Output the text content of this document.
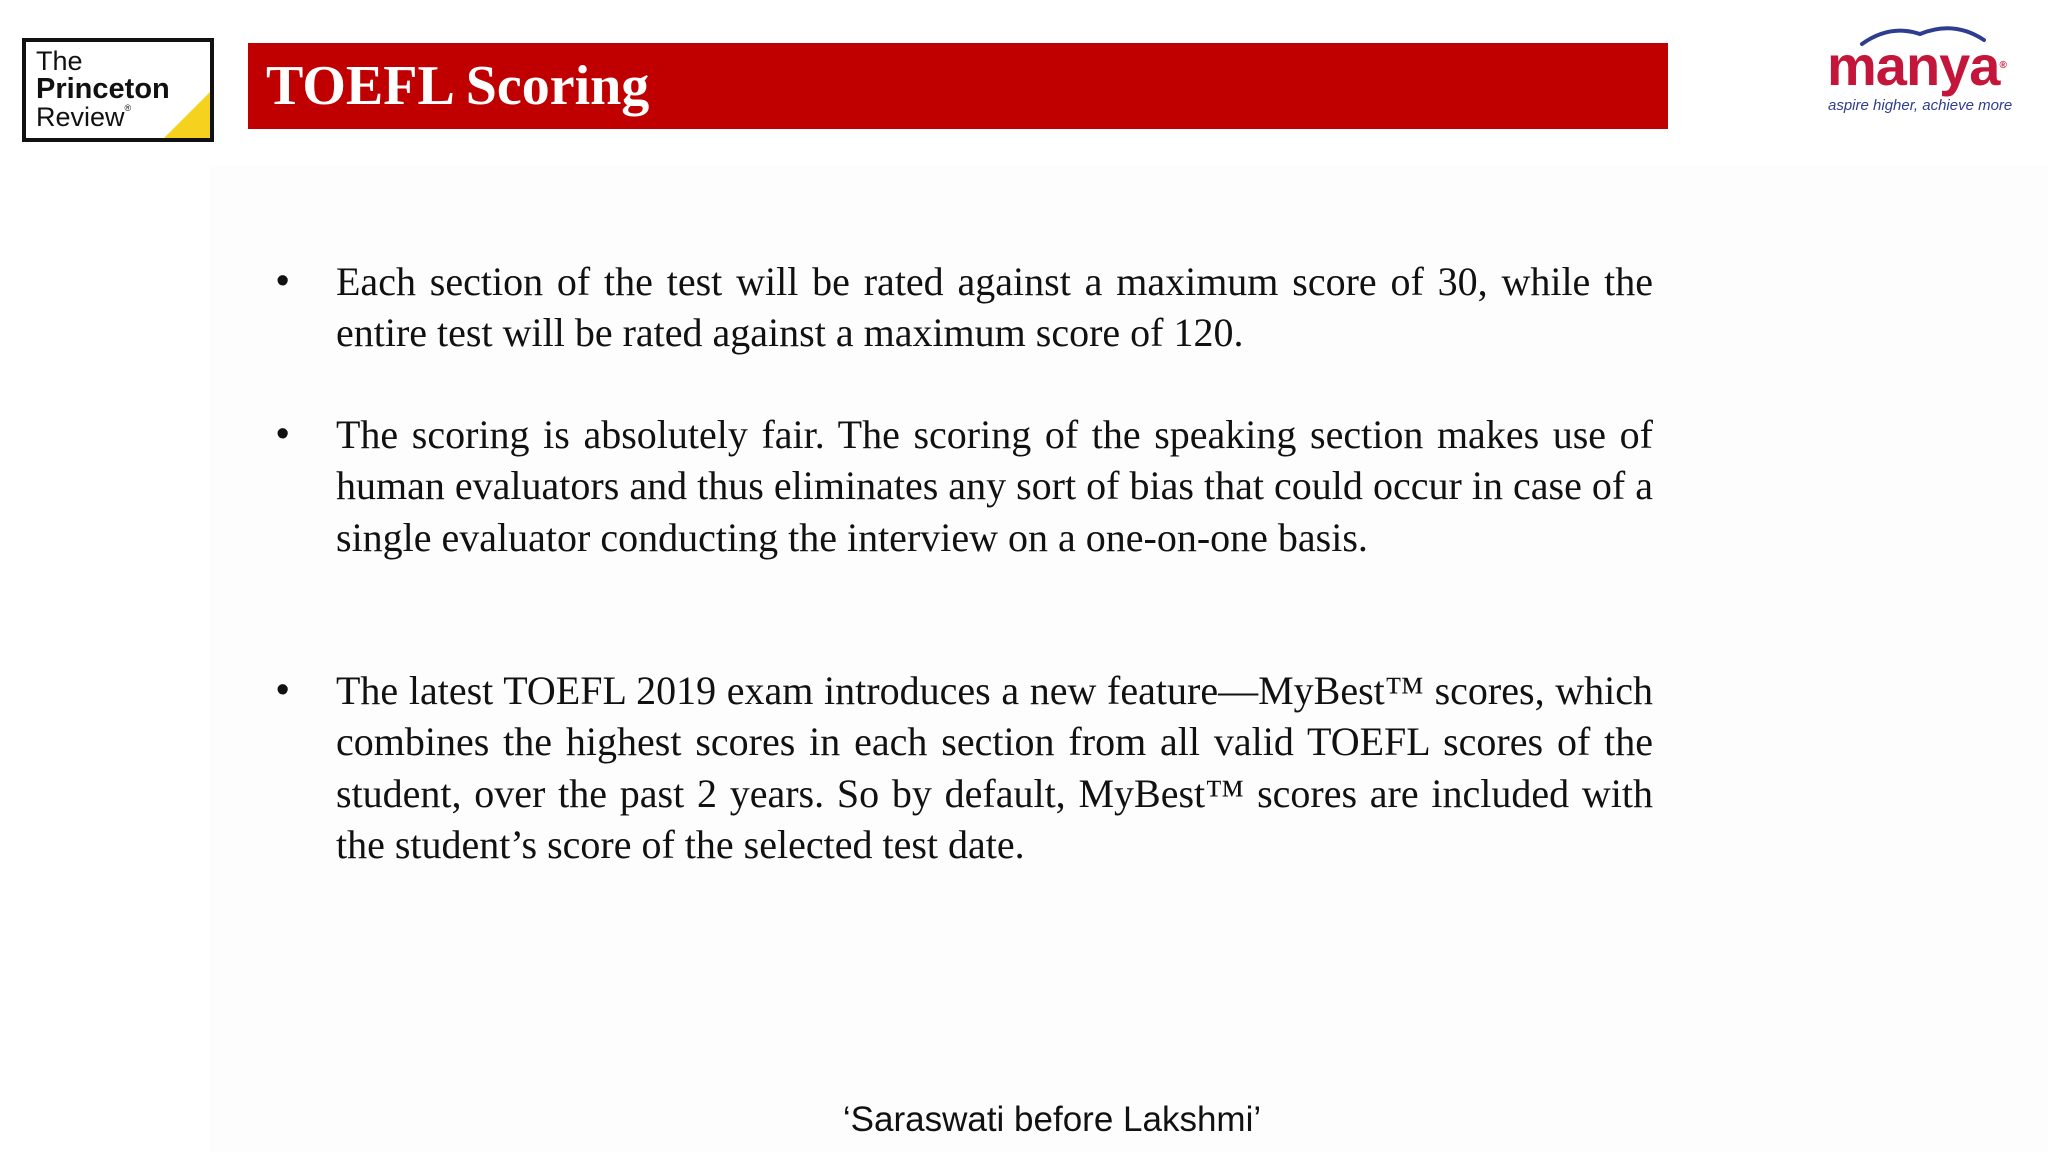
The
Princeton
Review® TOEFL Scoring	manya®
aspire higher, achieve more
• Each section of the test will be rated against a maximum score of 30, while the entire test will be rated against a maximum score of 120.

• The scoring is absolutely fair. The scoring of the speaking section makes use of human evaluators and thus eliminates any sort of bias that could occur in case of a single evaluator conducting the interview on a one-on-one basis.

• The latest TOEFL 2019 exam introduces a new feature—MyBest™ scores, which combines the highest scores in each section from all valid TOEFL scores of the student, over the past 2 years. So by default, MyBest™ scores are included with the student’s score of the selected test date.

‘Saraswati before Lakshmi’
